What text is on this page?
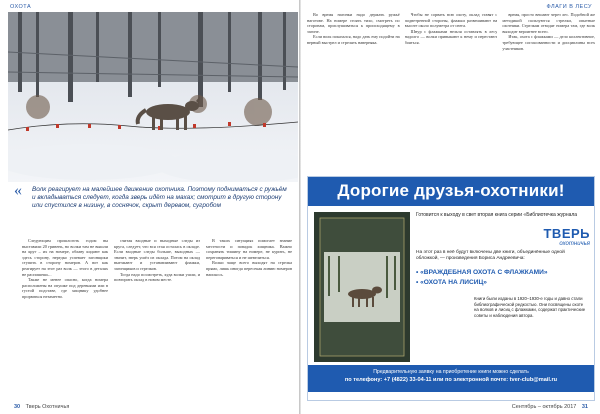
ОХОТА
« Волк реагирует на малейшее движение охотника. Поэтому подниматься с ружьём и вкладываться следует, когда зверь идёт на махах; смотрит в другую сторону или спустился в низину, в соснячок, скрыт деревом, сугробом

Следующим прошлоготь годом вы выставили 20 гривень, но волки там не вышли на круг – их на номере, облаву кидают как здесь сторону, нередко успевает загонщики ступить в сторону номеров. А вот как реагирует на этот раз волк — этого в деталях не распишешь...

Также не менее опасно, когда номера расположены на опушке под деревьями или в густой подставе, где хищнику удобнее прорваться незаметно.

считая входные и выходные следы из круга, следует, что вся стая осталась в окладе. Если входные следы больше, выходных — значит, зверь ушёл из оклада. Потом на оклад выезжают и устанавливают флажки, загонщиков и стрелков.

Тогда надо посмотреть, куда волки ушли, и повторить оклад в новом месте.

В таких ситуациях помогает знание местности и повадок хищника. Важно сохранять тишину на номере, не курить, не переговариваться и не шевелиться.

Волки чаще всего выходят на стрелка прямо, лишь иногда пересекая линию номеров наискось.

30 Тверь Охотничья
ФЛАГИ В ЛЕСУ

Во время нагонки надо держать ружьё наготове. На номере стоять тихо, смотреть по сторонам, прислушиваться к происходящему в загоне.

Если волк показался, надо дать ему подойти на верный выстрел и стрелять наверняка.

Чтобы не сорвать всю охоту, оклад ставят с подветренной стороны, флажки развешивают на высоте около полуметра от снега.

Шнур с флажками нельзя оставлять в лесу надолго — волки привыкают к нему и перестают бояться.

время, просто вешают через лес. Подобной же методикой пользуются стрелки, опытные охотники. Стрелкам отводят номера там, где волк выходит вероятнее всего.

Итак, охота с флажками — дело коллективное, требующее согласованности и дисциплины всех участников.

Дорогие друзья-охотники!
Готовится к выходу в свет вторая книга серии «Библиотечка журнала
ТВЕРЬ
охотничья
На этот раз в неё будут включены две книги, объединённые одной обложкой, — произведения Бориса Андреевича:
• «ВРАЖДЕБНАЯ ОХОТА С ФЛАЖКАМИ»
• «ОХОТА НА ЛИСИЦ»
Книги были изданы в 1920–1930-е годы и давно стали библиографической редкостью. Они посвящены охоте на волков и лисиц с флажками, содержат практические советы и наблюдения автора.
Предварительную заявку на приобретение книги можно сделать
по телефону: +7 (4822) 33-04-11 или по электронной почте: tver-club@mail.ru
Сентябрь – октябрь 2017 31
